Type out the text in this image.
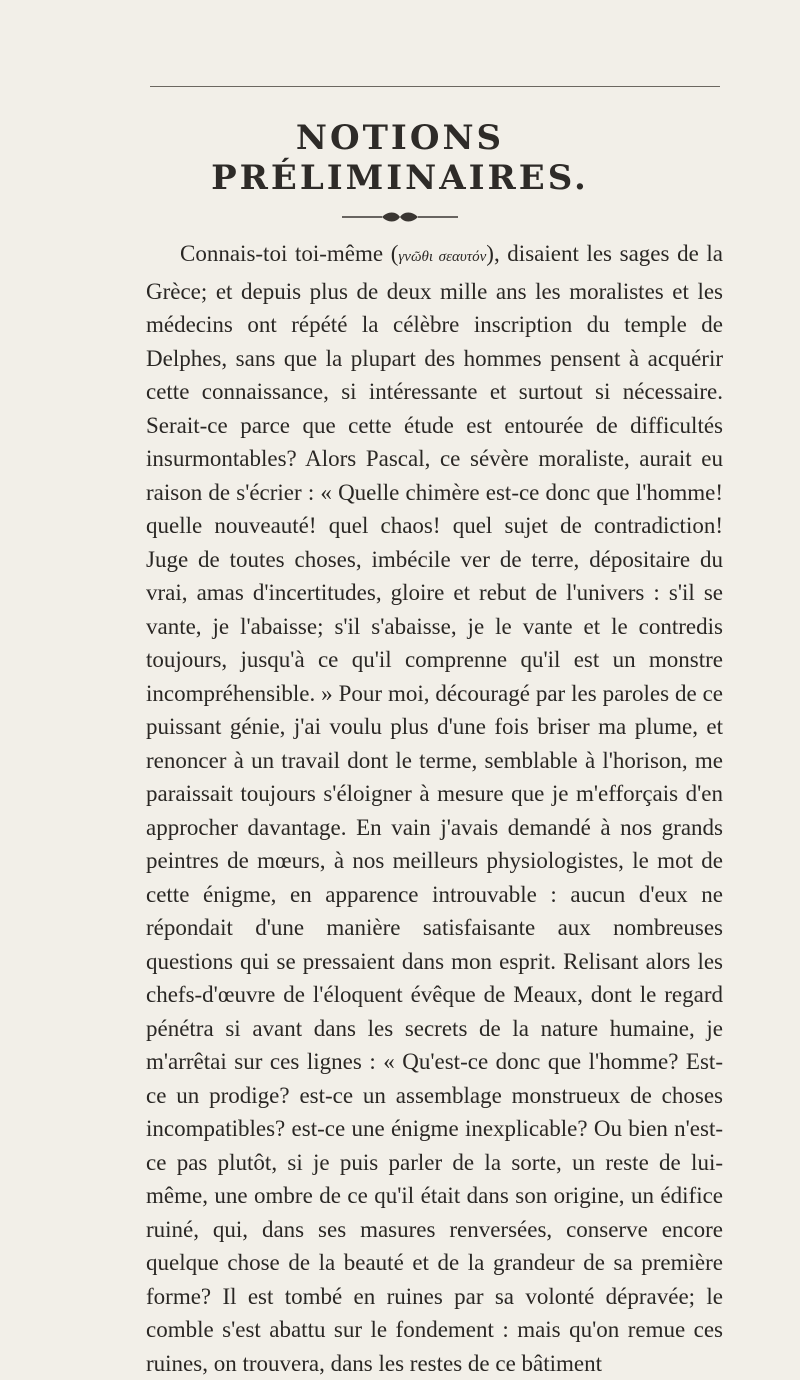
NOTIONS PRÉLIMINAIRES.

Connais-toi toi-même (γνῶθι σεαυτόν), disaient les sages de la Grèce; et depuis plus de deux mille ans les moralistes et les médecins ont répété la célèbre inscription du temple de Delphes, sans que la plupart des hommes pensent à acquérir cette connaissance, si intéressante et surtout si nécessaire. Serait-ce parce que cette étude est entourée de difficultés insurmontables? Alors Pascal, ce sévère moraliste, aurait eu raison de s'écrier : « Quelle chimère est-ce donc que l'homme! quelle nouveauté! quel chaos! quel sujet de contradiction! Juge de toutes choses, imbécile ver de terre, dépositaire du vrai, amas d'incertitudes, gloire et rebut de l'univers : s'il se vante, je l'abaisse; s'il s'abaisse, je le vante et le contredis toujours, jusqu'à ce qu'il comprenne qu'il est un monstre incompréhensible. » Pour moi, découragé par les paroles de ce puissant génie, j'ai voulu plus d'une fois briser ma plume, et renoncer à un travail dont le terme, semblable à l'horison, me paraissait toujours s'éloigner à mesure que je m'efforçais d'en approcher davantage. En vain j'avais demandé à nos grands peintres de mœurs, à nos meilleurs physiologistes, le mot de cette énigme, en apparence introuvable : aucun d'eux ne répondait d'une manière satisfaisante aux nombreuses questions qui se pressaient dans mon esprit. Relisant alors les chefs-d'œuvre de l'éloquent évêque de Meaux, dont le regard pénétra si avant dans les secrets de la nature humaine, je m'arrêtai sur ces lignes : « Qu'est-ce donc que l'homme? Est-ce un prodige? est-ce un assemblage monstrueux de choses incompatibles? est-ce une énigme inexplicable? Ou bien n'est-ce pas plutôt, si je puis parler de la sorte, un reste de lui-même, une ombre de ce qu'il était dans son origine, un édifice ruiné, qui, dans ses masures renversées, conserve encore quelque chose de la beauté et de la grandeur de sa première forme? Il est tombé en ruines par sa volonté dépravée; le comble s'est abattu sur le fondement : mais qu'on remue ces ruines, on trouvera, dans les restes de ce bâtiment
